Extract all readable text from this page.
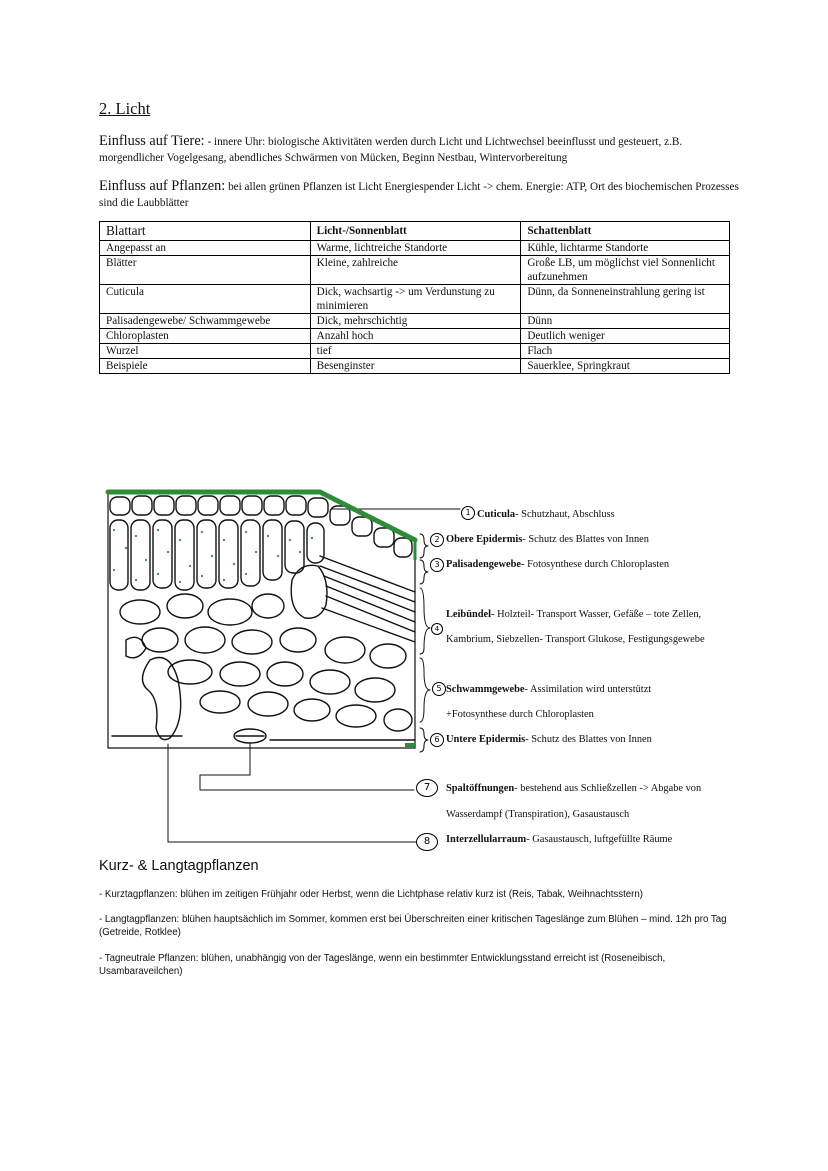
2. Licht
Einfluss auf Tiere: - innere Uhr: biologische Aktivitäten werden durch Licht und Lichtwechsel beeinflusst und gesteuert, z.B. morgendlicher Vogelgesang, abendliches Schwärmen von Mücken, Beginn Nestbau, Wintervorbereitung
Einfluss auf Pflanzen: bei allen grünen Pflanzen ist Licht Energiespender Licht -> chem. Energie: ATP, Ort des biochemischen Prozesses sind die Laubblätter
Blattart	Licht-/Sonnenblatt	Schattenblatt
Angepasst an	Warme, lichtreiche Standorte	Kühle, lichtarme Standorte
Blätter	Kleine, zahlreiche	Große LB, um möglichst viel Sonnenlicht aufzunehmen
Cuticula	Dick, wachsartig -> um Verdunstung zu minimieren	Dünn, da Sonneneinstrahlung gering ist
Palisadengewebe/ Schwammgewebe	Dick, mehrschichtig	Dünn
Chloroplasten	Anzahl hoch	Deutlich weniger
Wurzel	tief	Flach
Beispiele	Besenginster	Sauerklee, Springkraut
1
2
3
4
5
6
7
8
Cuticula- Schutzhaut, Abschluss
Obere Epidermis- Schutz des Blattes von Innen
Palisadengewebe- Fotosynthese durch Chloroplasten
Leibündel- Holzteil- Transport Wasser, Gefäße – tote Zellen,
Kambrium, Siebzellen- Transport Glukose, Festigungsgewebe
Schwammgewebe- Assimilation wird unterstützt
+Fotosynthese durch Chloroplasten
Untere Epidermis- Schutz des Blattes von Innen
Spaltöffnungen- bestehend aus Schließzellen -> Abgabe von
Wasserdampf (Transpiration), Gasaustausch
Interzellularraum- Gasaustausch, luftgefüllte Räume
Kurz- & Langtagpflanzen
- Kurztagpflanzen: blühen im zeitigen Frühjahr oder Herbst, wenn die Lichtphase relativ kurz ist (Reis, Tabak, Weihnachtsstern)
- Langtagpflanzen: blühen hauptsächlich im Sommer, kommen erst bei Überschreiten einer kritischen Tageslänge zum Blühen – mind. 12h pro Tag (Getreide, Rotklee)
- Tagneutrale Pflanzen: blühen, unabhängig von der Tageslänge, wenn ein bestimmter Entwicklungsstand erreicht ist (Roseneibisch, Usambaraveilchen)
